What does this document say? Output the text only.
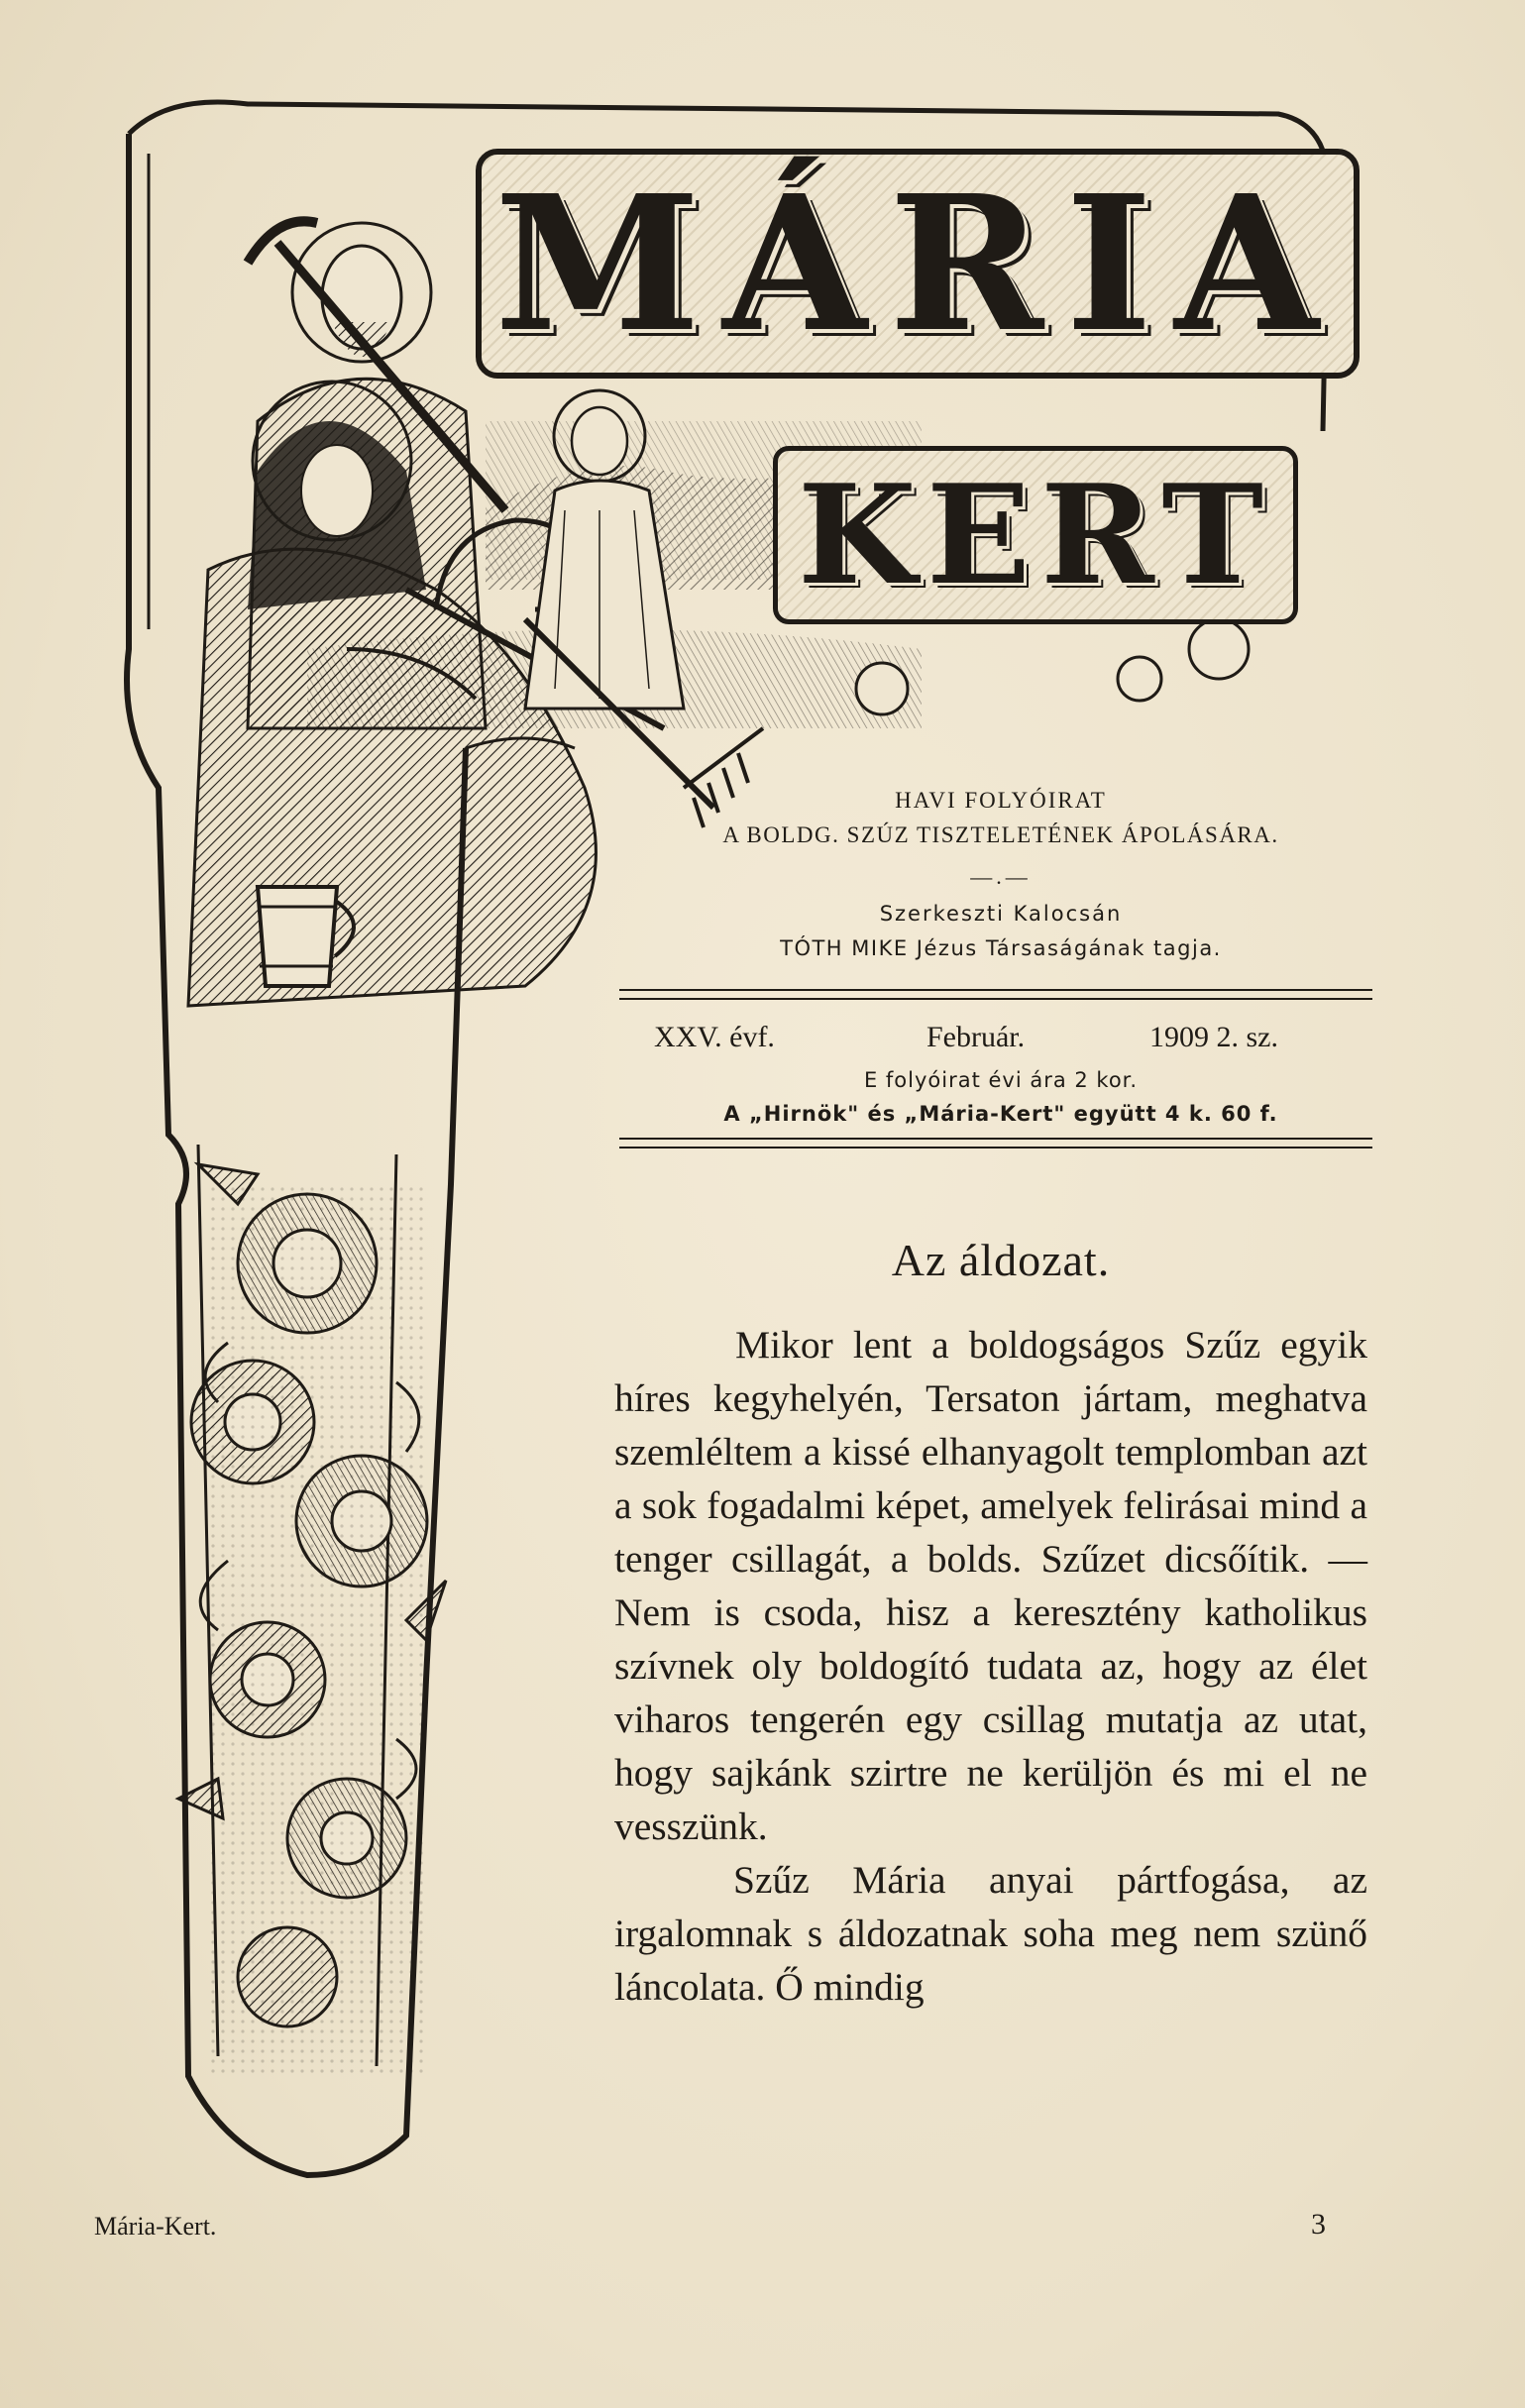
MÁRIA
KERT
HAVI FOLYÓIRAT
A BOLDG. SZÚZ TISZTELETÉNEK ÁPOLÁSÁRA.
—.—
Szerkeszti Kalocsán
TÓTH MIKE Jézus Társaságának tagja.
XXV. évf.	Február.	1909 2. sz.
E folyóirat évi ára 2 kor.
A „Hirnök" és „Mária-Kert" együtt 4 k. 60 f.
Az áldozat.

Mikor lent a boldogságos Szűz egyik híres kegyhelyén, Tersaton jártam, meghatva szemléltem a kissé elhanyagolt templomban azt a sok fogadalmi képet, amelyek felirásai mind a tenger csillagát, a bolds. Szűzet dicsőítik. — Nem is csoda, hisz a keresztény katholikus szívnek oly boldogító tudata az, hogy az élet viharos tengerén egy csillag mutatja az utat, hogy sajkánk szirtre ne kerüljön és mi el ne vesszünk.

Szűz Mária anyai pártfogása, az irgalomnak s áldozatnak soha meg nem szünő láncolata. Ő mindig

Mária-Kert.	3
